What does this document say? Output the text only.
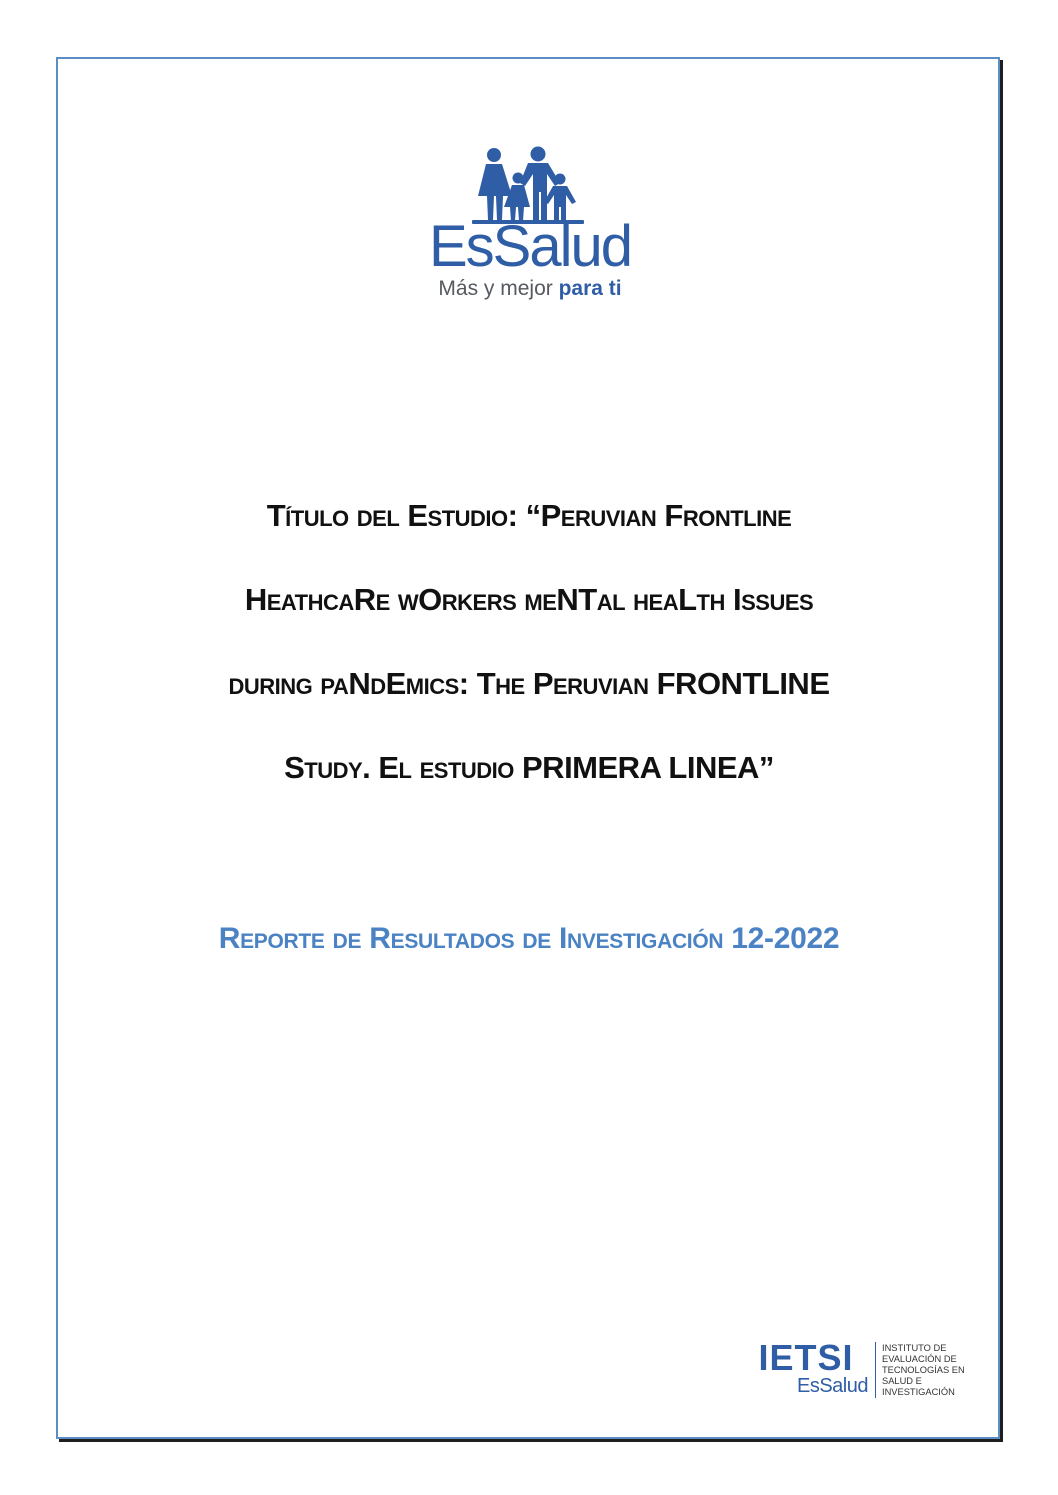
EsSalud
Más y mejor para ti
Título del Estudio: “Peruvian Frontline
HeathcaRe wOrkers meNTal heaLth Issues
during paNdEmics: The Peruvian FRONTLINE
Study. El estudio PRIMERA LINEA”
Reporte de Resultados de Investigación 12-2022
IETSI
EsSalud
INSTITUTO DE
EVALUACIÓN DE
TECNOLOGÍAS EN
SALUD E
INVESTIGACIÓN
